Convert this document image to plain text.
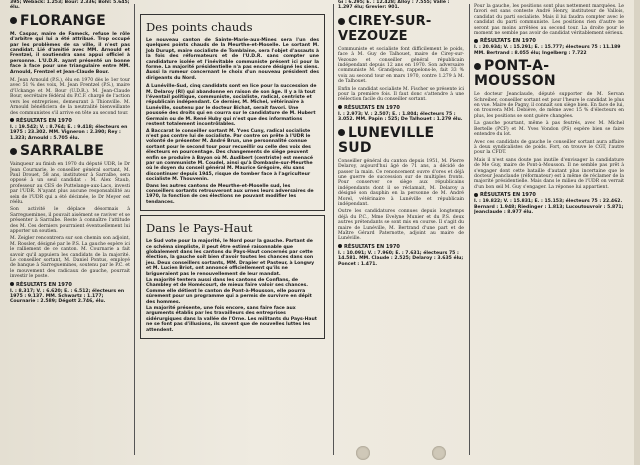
395; Weback: 1.253; Bour: 2.336; Bohl: 5.645; élu.

FLORANGE

M. Caspar, maire de Fameck, refuse le rôle d'arbitre qui lui a été attribué. Trop occupé par les problèmes de sa ville, il n'est pas candidat. Lié d'amitié avec MM. Arnould et Frentzel, il soutiendra sans appui officiel à personne. L'U.D.R. ayant présenté un bonne face à face pour une triangulaire entre MM. Arnould, Frentzel et Jean-Claude Bour.

M. Jean Arnould (P.S.), élu en 1970 dès le 1er tour avec 51 % des voix, M. Jean Frentzel (P.S.), maire d'Uckange et M. Bour (U.D.R.). M. Jean-Claude Bour, secrétaire fédéral du P.C.F. chargé de l'action vers les entreprises, demeurant à Thionville. M. Arnould bénéficiera de la neutralité bienveillante des communistes s'il arrive en tête au second tour.

RÉSULTATS EN 1970

I. : 19.542; V. : 8.764; E. : 9.418; électeurs en 1975 : 23.302. MM. Vigneron : 2.390; Rey : 1.323; Arnould : 5.705 élu.

SARRALBE

Vainqueur au finish en 1970 du député UDR, le Dr Jean Cournarie, le conseiller général sortant, M. Paul Drouet, 58 ans, instituteur à Sarralbe, sera opposé à un seul candidat : M. Alex Staub, professeur au CES de Puttelange-aux-Lacs, investi par l'UDR. N'ayant plus aucune responsabilité au sein de l'UDR qui a été décimée, le Dr Meyer est réélu.

Son activité le déplace désormais à Sarreguemines, il pouvait aisément se raviver et se présenter à Sarralbe. Reste à connaître l'attitude des M. Ces derniers pourraient éventuellement lui apporter un soutien.

M. Zeigler rencontrera sur son chemin son adjoint, M. Rossler, désigné par le P.S. La gauche espère ici le ralliement de ce canton. M. Cournarie a fait savoir qu'il appuiera les candidats de la majorité. Le conseiller sortant, M. Daniel Pontus, employé de banque à Sarreguemines, soutenu par le P.C. et le mouvement des radicaux de gauche, pourrait investir le poste.

RÉSULTATS EN 1970

I. : 8.317; V. : 6.620; E. : 6.512; électeurs en 1975 : 9.137. MM. Schwartz : 1.177; Cournarie : 2.589; Dégott 2.746, élu.

Des points chauds

Le nouveau canton de Sainte-Marie-aux-Mines sera l'un des quelques points chauds de la Meurthe-et-Moselle. Le sortant M. Job Durupt, maire socialiste de Tomblaine, sera l'objet d'assauts à la fois des réformateurs et de l'U.D.R. sans compter une candidature isolée et l'inévitable communiste présent ici pour la forme. La majorité présidentielle n'a pas encore désigné les siens. Aussi la rumeur concernant le choix d'un nouveau président des dirigeants du Nord.

A Lunéville-Sud, cinq candidats sont en lice pour la succession de M. Delaroy (RI) qui abandonne en raison de son âge. Il y a là tout l'éventail politique, communiste, socialiste, radical, centriste et républicain indépendant. Ce dernier, M. Michel, vétérinaire à Lunéville, soutenu par le docteur Bichat, serait favori. Une poussée des droits qui en courra sur le candidature de M. Hubert Germain ou de M. René Huby qui n'est que des informations restent totalement incontrôlables.

A Baccarat le conseiller sortant M. Yves Cuny, radical socialiste n'est pas contre lui de socialiste. Par contre on prête à l'UDR le volonté de présenter M. André Brun, une personnalité connue sortant pour le second tour pour recueillir ou celle des voix des électeurs en pourcentage. Des changements de siège peuvent enfin se produire à Bayon où M. Audibert (centriste) est menacé par un communiste M. Coudel, ainsi qu'à Dombasle-sur-Meurthe où le doyen du conseil général M. Maurice Grégoire, élu sans discontinuer depuis 1945, risque de tomber face à l'agriculteur socialiste M. Thouvenin.

Dans les autres cantons de Meurthe-et-Moselle sud, les conseillers sortants retrouveront aux urnes leurs adversaires de 1970, la fonction de ces élections ne pouvant modifier les tendances.

Dans le Pays-Haut

Le Sud vote pour la majorité, le Nord pour la gauche. Partant de ce schéma simpliste, il peut être estimé raisonnable que globalement dans les cantons du Pays-Haut concernés par cette élection, la gauche soit bien d'avoir toutes les chances dans son jeu. Deux conseillers sortants, MM. Drapier et Pasteur, à Longwy et M. Lucien Briot, ont annoncé officiellement qu'ils ne brigueraient pas le renouvellement de leur mandat.

La majorité tentera aussi dans les cantons de Conflans, de Chambley et de Homécourt, de mieux faire valoir ses chances. Comme elle détient le canton de Pont-à-Mousson, elle pourra sûrement pour un programme qui a permis de survivre en dépit des hommes.

La majorité présente, une fois encore, sans faire face aux arguments établis par les travailleurs des entreprises sidérurgiques dans la vallée de l'Orne. Les militants du Pays-Haut ne se font pas d'illusions, ils savent que de nouvelles luttes les attendent.

Gi : 6.295; E. : 12.428; Alloy : 7.555; Vallé : 1.297 élu; Grevier: 901.

CIREY-SUR-VEZOUZE

Communiste et socialiste font difficilement le poids, face à M. Guy de Talhouet, maire de Cirey-sur-Vezouze et conseiller général républicain indépendant depuis 12 ans en 1970. Son adversaire communiste M. Grandjean, rappelons-le, fait 33 % voix au second tour en mars 1970, contre 1.279 à M. de Talhouet.

Enfin le candidat socialiste M. Fischer se présente ici pour la première fois. Il faut donc s'attendre à une réélection facile du conseiller sortant.

RÉSULTATS EN 1970

I. : 2.973; V. : 2.507; E. : 1.804; électeurs 75 : 3.052. MM. Papin : 525; De Talhouet : 1.279 élu.

LUNEVILLE SUD

Conseiller général du canton depuis 1951, M. Pierre Delaroy, aujourd'hui âgé de 71 ans, a décidé de passer la main. Ce renoncement ouvre d'ores et déjà une guerre de succession sur de multiples fronts. Pour conserver ce siège aux républicains indépendants dont il se réclamait, M. Delaroy a désigné son dauphin en la personne de M. André Morel, vétérinaire à Lunéville et républicain indépendant.

Outre les candidatures connues depuis longtemps déjà du P.C., Mme Evelyne Munier et du P.S. deux autres prétendants se sont mis en course. Il s'agit du maire de Lunéville, M. Bertrand d'une part et de Maître Gérard Paternotte, adjoint au maire de Lunéville.

RÉSULTATS EN 1970

I. : 10.091; V. : 7.960; E. : 7.631; électeurs 75 : 14.581. MM. Claude : 2.525; Delaroy : 3.635 élu; Poncet : 1.471.

Pour la gauche, les positions sont plus nettement marquées. Le favori est sans conteste André Henry, instituteur de Vallois, candidat du parti socialiste. Mais il lui faudra compter avec le candidat du parti communiste. Les positions rien d'autre ne seront pas moins arrêtées au second tour. La droite pour le moment ne semble pas avoir de candidat véritablement sérieux.

RÉSULTATS EN 1970

I. : 20.934; V. : 15.291; E. : 15.777; électeurs 75 : 11.189 MM. Bertrand : 8.055 élu; Ingelberg : 7.722

PONT-A-MOUSSON

Le docteur Jeanclaude, député supporter de M. Servan Schreiber, conseiller sortant est pour l'heure le candidat le plus en vue. Maire de Pagny, il connaît son siège bien. En face de lui, on trouvera MM. Debiève, de même avec 15 % d'électeurs en plus, les positions se sont guère changées.

La gauche pourtant, même à pas feutrés, avec M. Michel Bertelle (PCF) et M. Yves Vondon (PS) espère bien se faire entendre du lot.

Avec ces candidats de gauche le conseiller sortant aura affaire à deux syndicalistes de poids. Fort, on trouve le CGT, l'autre pour la CFDT.

Mais il n'est sans doute pas inutile d'envisager la candidature de Me Guy, maire de Pont-à-Mousson. Il ne semble pas prêt à s'engager dont cette bataille d'autant plus incertaine que le docteur Jeanclaude (réformateur) est à même de réclamer de la majorité présidentielle. Mais dans le milieu de l'UDR on verrait d'un bon œil M. Guy s'engager. La réponse lui appartient.

RÉSULTATS EN 1970

I. : 19.822; V. : 15.831; E. : 15.153; électeurs 75 : 22.462. Bernard : 1.948; Riedinger : 1.813; Lucoutouvroir : 5.871; Jeanclaude : 8.977 élu.
